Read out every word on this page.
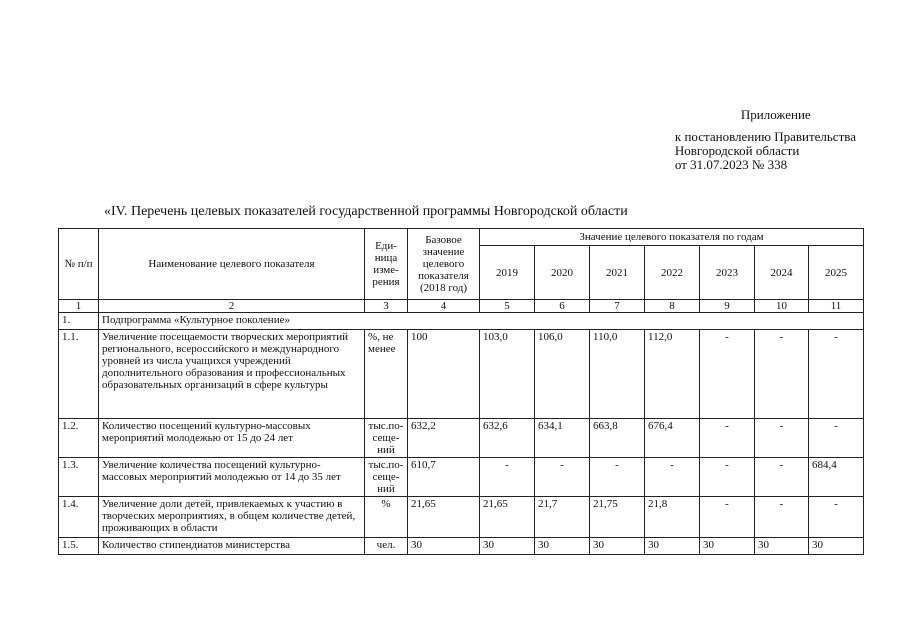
Приложение
к постановлению Правительства
Новгородской области
от 31.07.2023 № 338
«IV. Перечень целевых показателей государственной программы Новгородской области
№ п/п	Наименование целевого показателя	Еди-ница изме-рения	Базовое значение целевого показателя (2018 год)	Значение целевого показателя по годам						
				2019	2020	2021	2022	2023	2024	2025
1	2	3	4	5	6	7	8	9	10	11
1.	Подпрограмма «Культурное поколение»									
1.1.	Увеличение посещаемости творческих мероприятий регионального, всероссийского и международного уровней из числа учащихся учреждений дополнительного образования и профессиональных образовательных организаций в сфере культуры	%, не менее	100	103,0	106,0	110,0	112,0	-	-	-
1.2.	Количество посещений культурно-массовых мероприятий молодежью от 15 до 24 лет	тыс.по-сеще-ний	632,2	632,6	634,1	663,8	676,4	-	-	-
1.3.	Увеличение количества посещений культурно-массовых мероприятий молодежью от 14 до 35 лет	тыс.по-сеще-ний	610,7	-	-	-	-	-	-	684,4
1.4.	Увеличение доли детей, привлекаемых к участию в творческих мероприятиях, в общем количестве детей, проживающих в области	%	21,65	21,65	21,7	21,75	21,8	-	-	-
1.5.	Количество стипендиатов министерства	чел.	30	30	30	30	30	30	30	30
